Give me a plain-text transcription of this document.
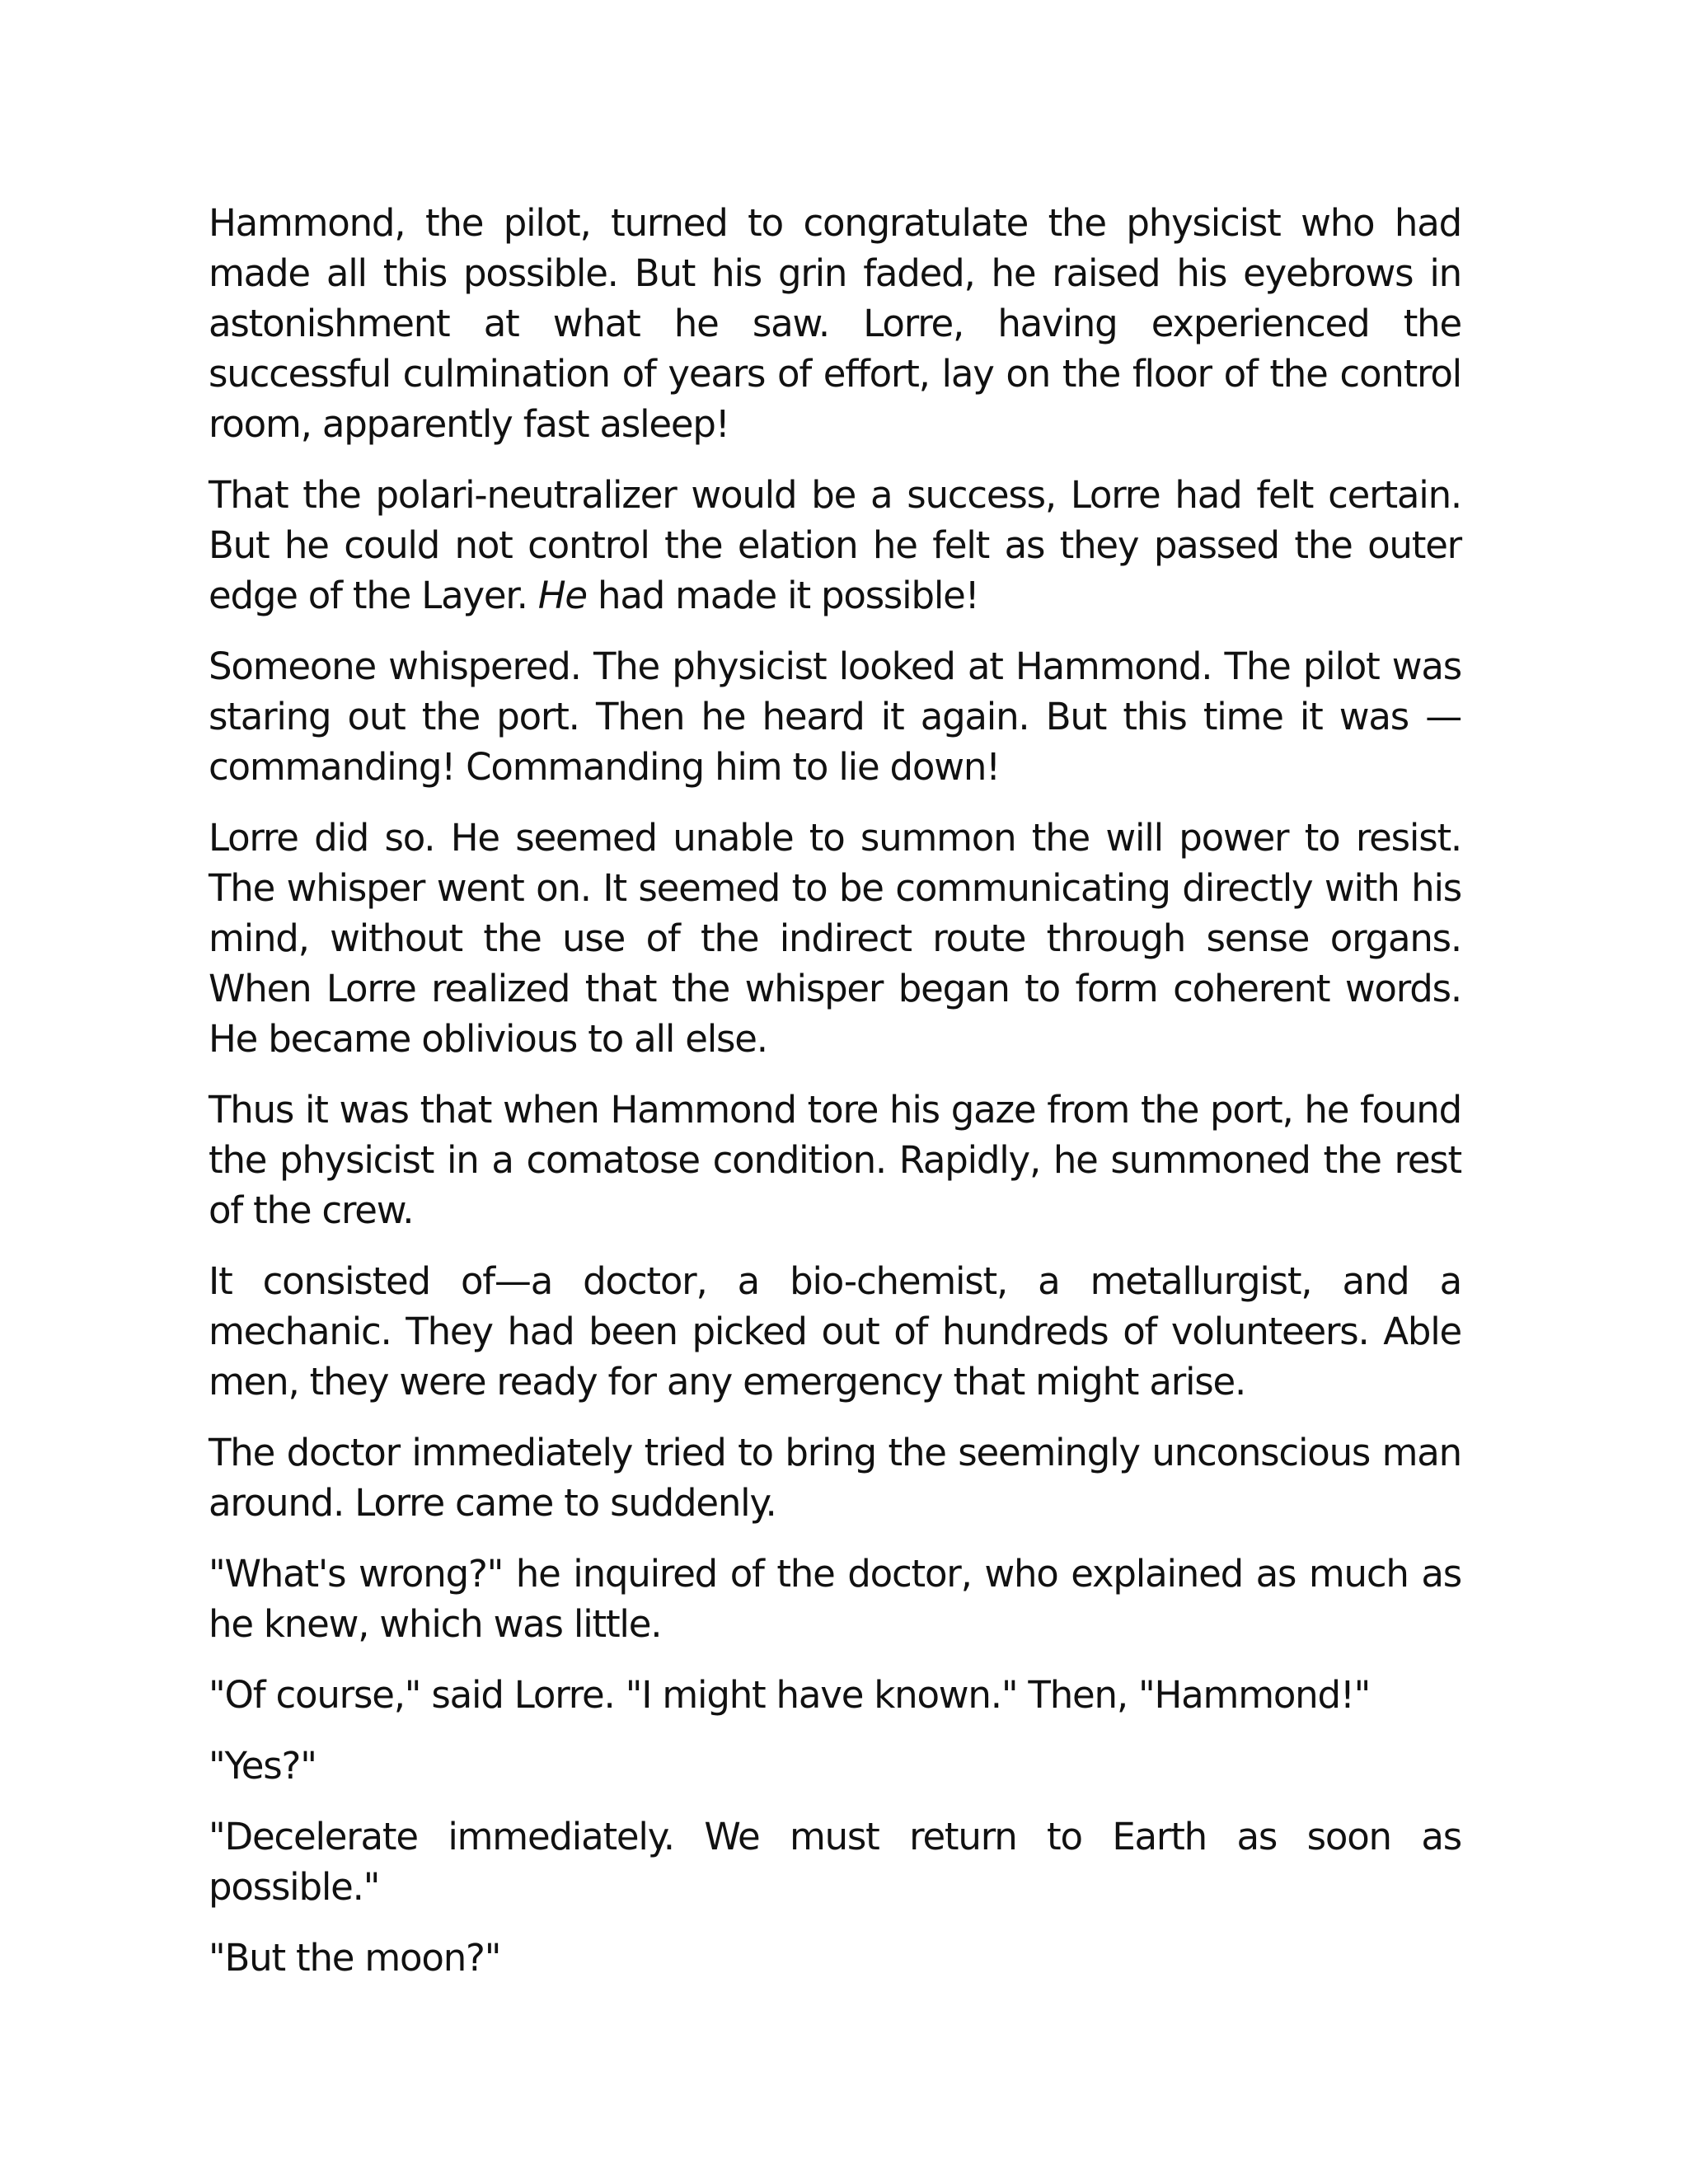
Hammond, the pilot, turned to congratulate the physicist who had made all this possible. But his grin faded, he raised his eyebrows in astonishment at what he saw. Lorre, having experienced the successful culmination of years of effort, lay on the floor of the control room, apparently fast asleep!

That the polari-neutralizer would be a success, Lorre had felt certain. But he could not control the elation he felt as they passed the outer edge of the Layer. He had made it possible!

Someone whispered. The physicist looked at Hammond. The pilot was staring out the port. Then he heard it again. But this time it was —commanding! Commanding him to lie down!

Lorre did so. He seemed unable to summon the will power to resist. The whisper went on. It seemed to be communicating directly with his mind, without the use of the indirect route through sense organs. When Lorre realized that the whisper began to form coherent words. He became oblivious to all else.

Thus it was that when Hammond tore his gaze from the port, he found the physicist in a comatose condition. Rapidly, he summoned the rest of the crew.

It consisted of—a doctor, a bio-chemist, a metallurgist, and a mechanic. They had been picked out of hundreds of volunteers. Able men, they were ready for any emergency that might arise.

The doctor immediately tried to bring the seemingly unconscious man around. Lorre came to suddenly.

"What's wrong?" he inquired of the doctor, who explained as much as he knew, which was little.

"Of course," said Lorre. "I might have known." Then, "Hammond!"

"Yes?"

"Decelerate immediately. We must return to Earth as soon as possible."

"But the moon?"
